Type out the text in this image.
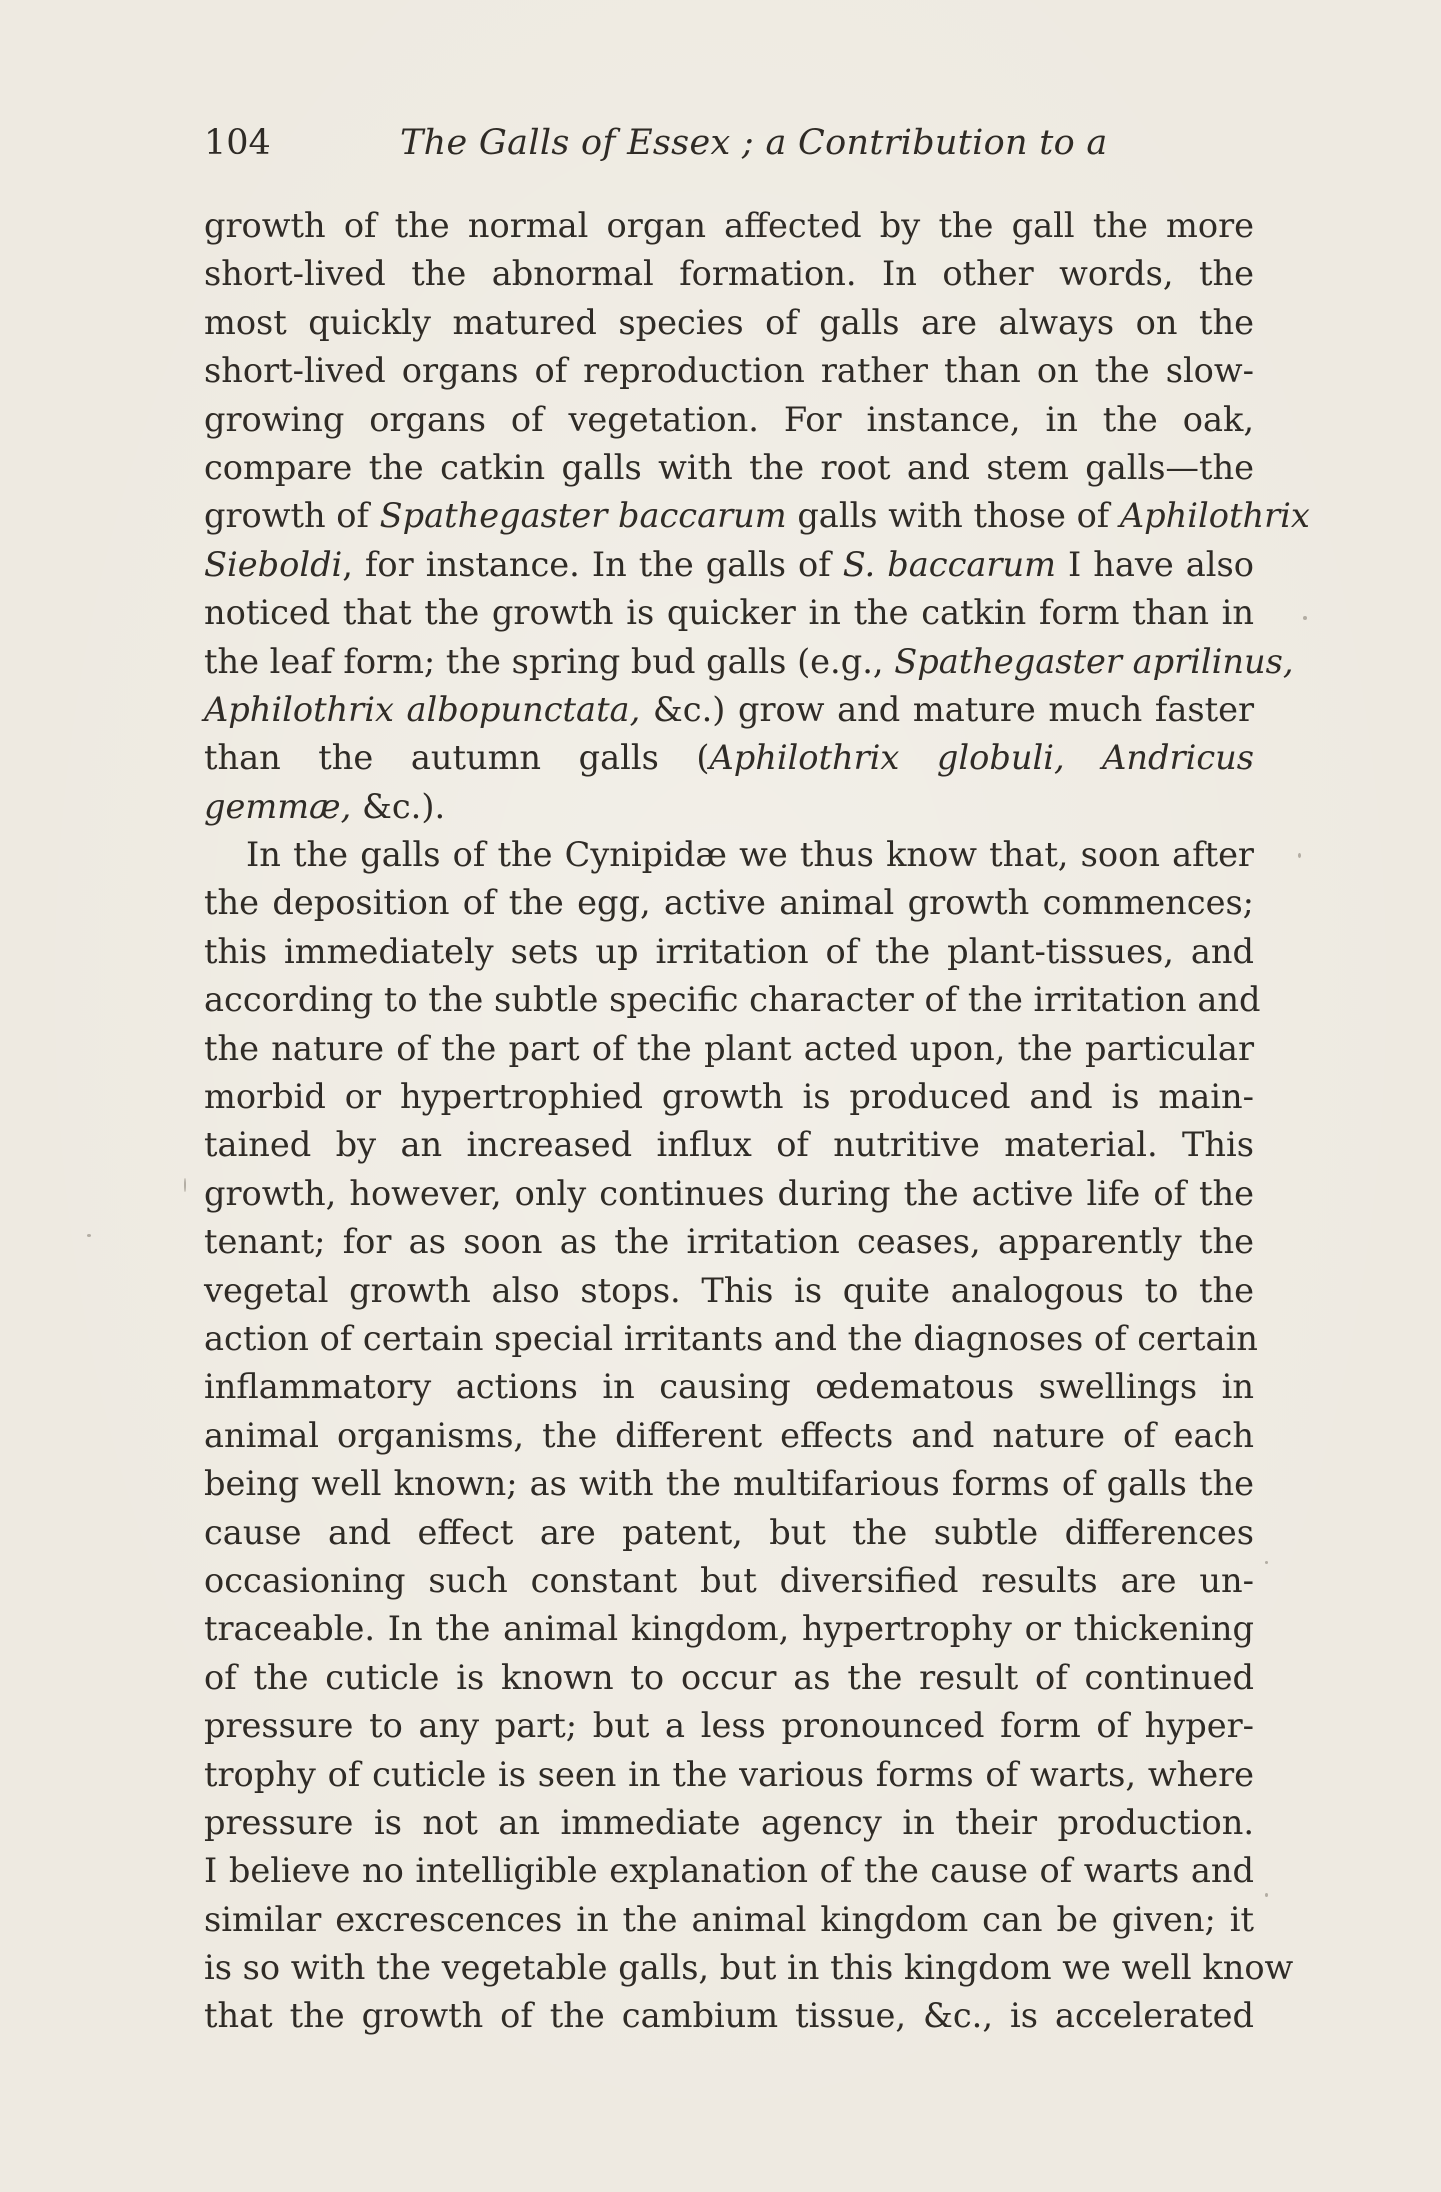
104	The Galls of Essex ; a Contribution to a
growth of the normal organ affected by the gall the more
short-lived the abnormal formation. In other words, the
most quickly matured species of galls are always on the
short-lived organs of reproduction rather than on the slow-
growing organs of vegetation. For instance, in the oak,
compare the catkin galls with the root and stem galls—the
growth of Spathegaster baccarum galls with those of Aphilothrix
Sieboldi, for instance. In the galls of S. baccarum I have also
noticed that the growth is quicker in the catkin form than in
the leaf form; the spring bud galls (e.g., Spathegaster aprilinus,
Aphilothrix albopunctata, &c.) grow and mature much faster
than the autumn galls (Aphilothrix globuli, Andricus
gemmæ, &c.).
In the galls of the Cynipidæ we thus know that, soon after
the deposition of the egg, active animal growth commences;
this immediately sets up irritation of the plant-tissues, and
according to the subtle specific character of the irritation and
the nature of the part of the plant acted upon, the particular
morbid or hypertrophied growth is produced and is main-
tained by an increased influx of nutritive material. This
growth, however, only continues during the active life of the
tenant; for as soon as the irritation ceases, apparently the
vegetal growth also stops. This is quite analogous to the
action of certain special irritants and the diagnoses of certain
inflammatory actions in causing œdematous swellings in
animal organisms, the different effects and nature of each
being well known; as with the multifarious forms of galls the
cause and effect are patent, but the subtle differences
occasioning such constant but diversified results are un-
traceable. In the animal kingdom, hypertrophy or thickening
of the cuticle is known to occur as the result of continued
pressure to any part; but a less pronounced form of hyper-
trophy of cuticle is seen in the various forms of warts, where
pressure is not an immediate agency in their production.
I believe no intelligible explanation of the cause of warts and
similar excrescences in the animal kingdom can be given; it
is so with the vegetable galls, but in this kingdom we well know
that the growth of the cambium tissue, &c., is accelerated
